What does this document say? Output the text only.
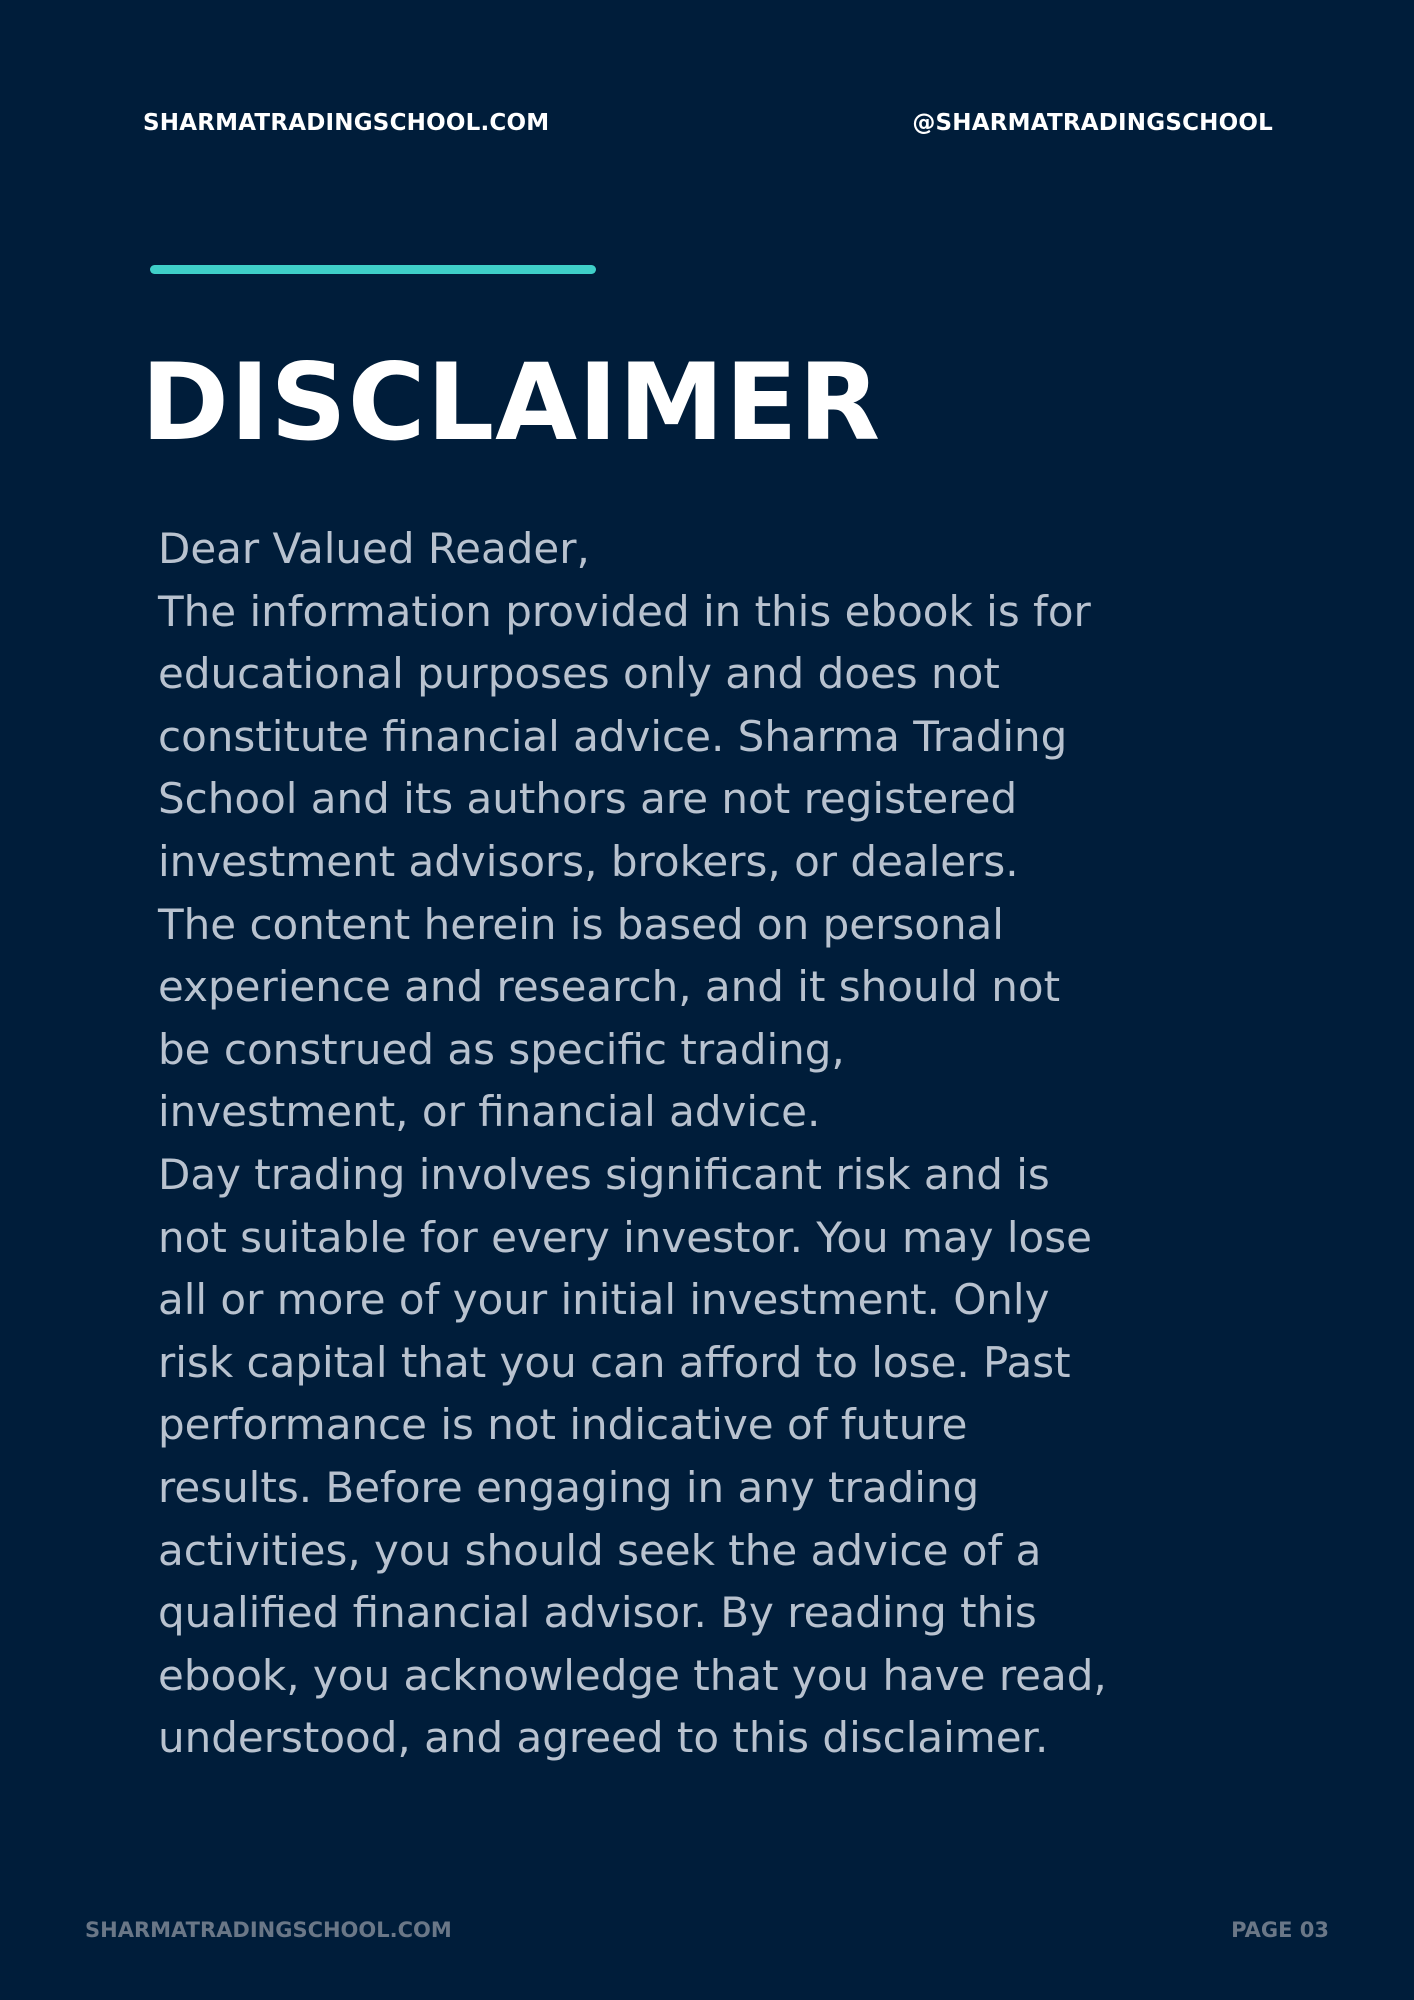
SHARMATRADINGSCHOOL.COM	@SHARMATRADINGSCHOOL
DISCLAIMER

Dear Valued Reader,

The information provided in this ebook is for

educational purposes only and does not

constitute financial advice. Sharma Trading

School and its authors are not registered

investment advisors, brokers, or dealers.

The content herein is based on personal

experience and research, and it should not

be construed as specific trading,

investment, or financial advice.

Day trading involves significant risk and is

not suitable for every investor. You may lose

all or more of your initial investment. Only

risk capital that you can afford to lose. Past

performance is not indicative of future

results. Before engaging in any trading

activities, you should seek the advice of a

qualified financial advisor. By reading this

ebook, you acknowledge that you have read,

understood, and agreed to this disclaimer.

SHARMATRADINGSCHOOL.COM	PAGE 03
